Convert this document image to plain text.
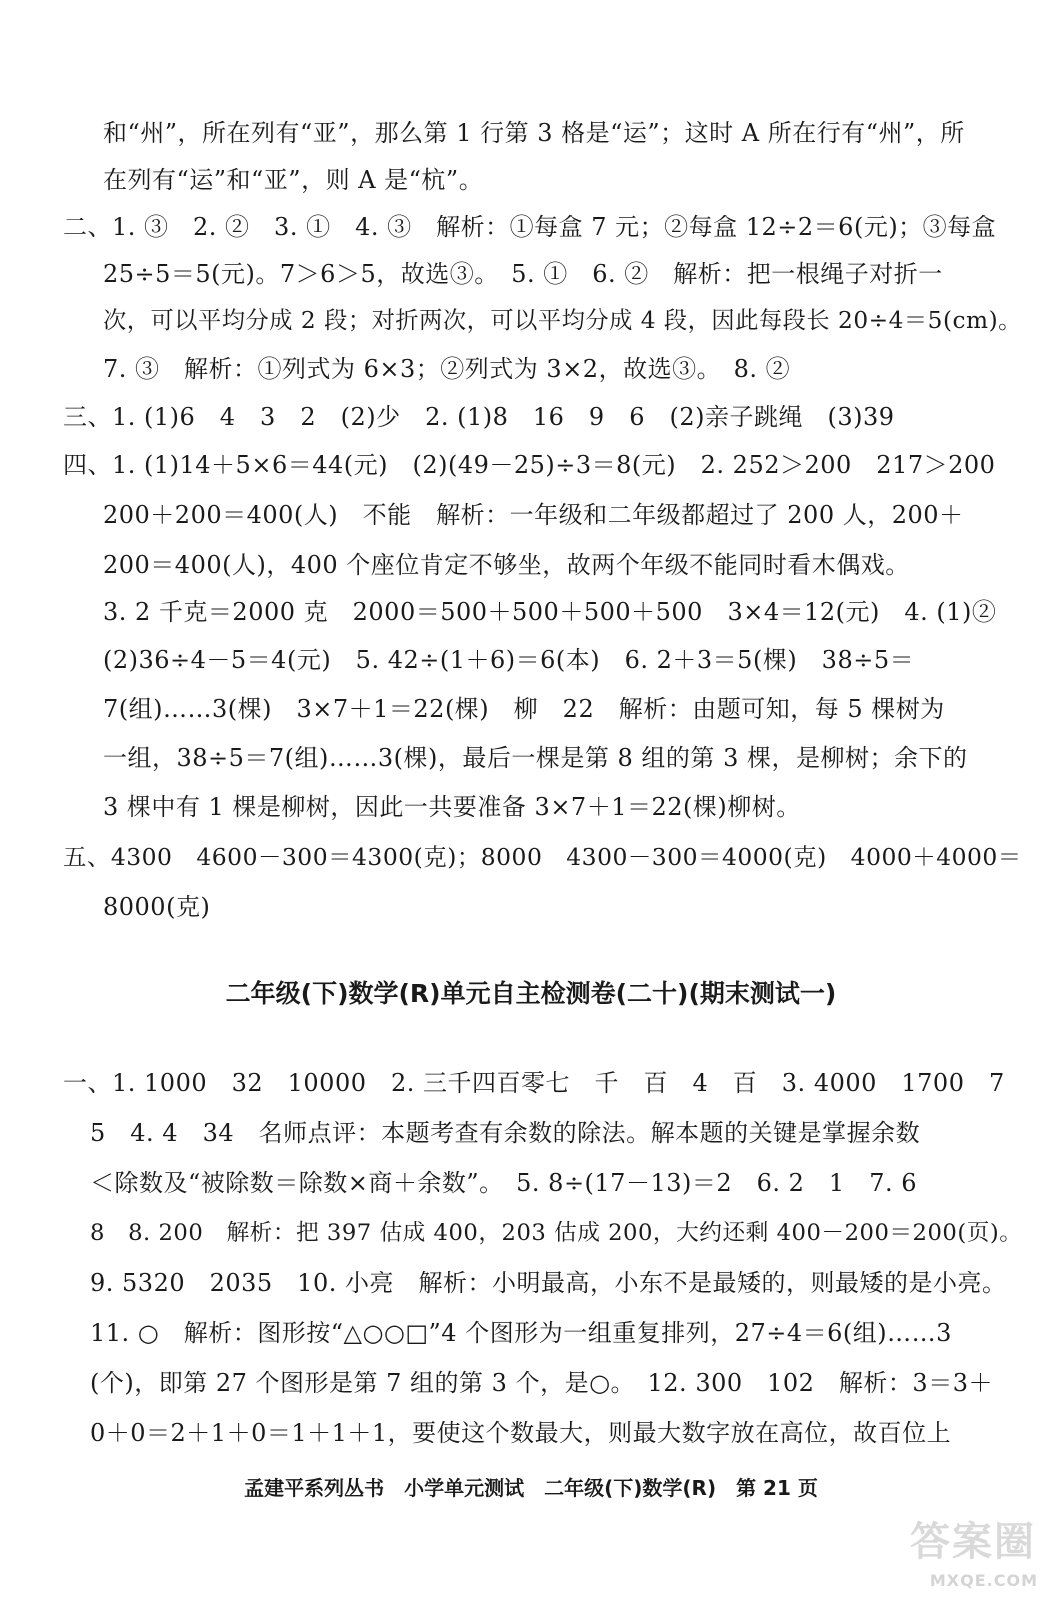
和“州”，所在列有“亚”，那么第 1 行第 3 格是“运”；这时 A 所在行有“州”，所
在列有“运”和“亚”，则 A 是“杭”。
二、1. ③　2. ②　3. ①　4. ③　解析：①每盒 7 元；②每盒 12÷2＝6(元)；③每盒
25÷5＝5(元)。7＞6＞5，故选③。　5. ①　6. ②　解析：把一根绳子对折一
次，可以平均分成 2 段；对折两次，可以平均分成 4 段，因此每段长 20÷4＝5(cm)。
7. ③　解析：①列式为 6×3；②列式为 3×2，故选③。　8. ②
三、1. (1)6　4　3　2　(2)少　2. (1)8　16　9　6　(2)亲子跳绳　(3)39
四、1. (1)14＋5×6＝44(元)　(2)(49－25)÷3＝8(元)　2. 252＞200　217＞200
200＋200＝400(人)　不能　解析：一年级和二年级都超过了 200 人，200＋
200＝400(人)，400 个座位肯定不够坐，故两个年级不能同时看木偶戏。
3. 2 千克＝2000 克　2000＝500＋500＋500＋500　3×4＝12(元)　4. (1)②
(2)36÷4－5＝4(元)　5. 42÷(1＋6)＝6(本)　6. 2＋3＝5(棵)　38÷5＝
7(组)……3(棵)　3×7＋1＝22(棵)　柳　22　解析：由题可知，每 5 棵树为
一组，38÷5＝7(组)……3(棵)，最后一棵是第 8 组的第 3 棵，是柳树；余下的
3 棵中有 1 棵是柳树，因此一共要准备 3×7＋1＝22(棵)柳树。
五、4300　4600－300＝4300(克)；8000　4300－300＝4000(克)　4000＋4000＝
8000(克)
二年级(下)数学(R)单元自主检测卷(二十)(期末测试一)
一、1. 1000　32　10000　2. 三千四百零七　千　百　4　百　3. 4000　1700　7
5　4. 4　34　名师点评：本题考查有余数的除法。解本题的关键是掌握余数
＜除数及“被除数＝除数×商＋余数”。　5. 8÷(17－13)＝2　6. 2　1　7. 6
8　8. 200　解析：把 397 估成 400，203 估成 200，大约还剩 400－200＝200(页)。
9. 5320　2035　10. 小亮　解析：小明最高，小东不是最矮的，则最矮的是小亮。
11. ○　解析：图形按“△○○□”4 个图形为一组重复排列，27÷4＝6(组)……3
(个)，即第 27 个图形是第 7 组的第 3 个，是○。　12. 300　102　解析：3＝3＋
0＋0＝2＋1＋0＝1＋1＋1，要使这个数最大，则最大数字放在高位，故百位上
孟建平系列丛书　小学单元测试　二年级(下)数学(R)　第 21 页
答案圈
MXQE.COM
